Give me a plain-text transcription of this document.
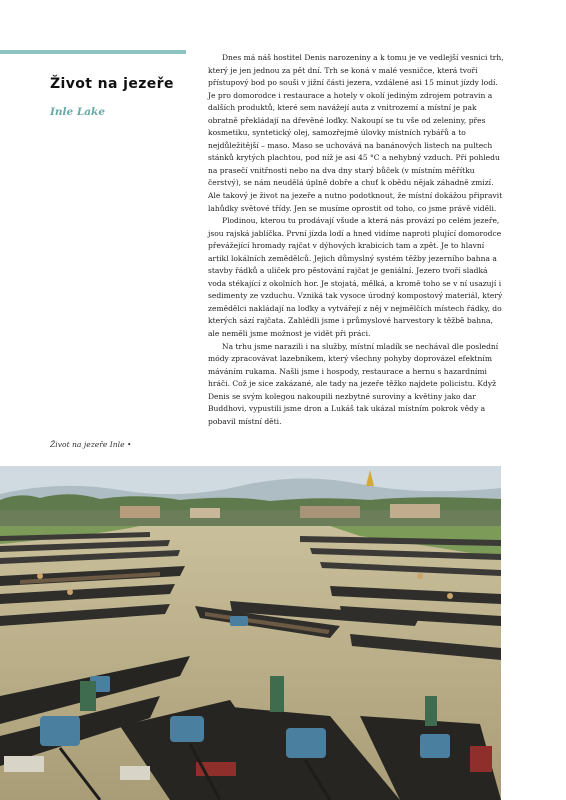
Život na jezeře
Inle Lake

Dnes má náš hostitel Denis narozeniny a k tomu je ve vedlejší vesnici trh, který je jen jednou za pět dní. Trh se koná v malé vesničce, která tvoří přístupový bod po souši v jižní části jezera, vzdálené asi 15 minut jízdy lodí. Je pro domorodce i restaurace a hotely v okolí jediným zdrojem potravin a dalších produktů, které sem navážejí auta z vnitrozemí a místní je pak obratně překládají na dřevěné loďky. Nakoupí se tu vše od zeleniny, přes kosmetiku, syntetický olej, samozřejmě úlovky místních rybářů a to nejdůležitější – maso. Maso se uchovává na banánových listech na pultech stánků krytých plachtou, pod níž je asi 45 °C a nehybný vzduch. Při pohledu na prasečí vnitřnosti nebo na dva dny starý bůček (v místním měřítku čerstvý), se nám neudělá úplně dobře a chuť k obědu nějak záhadně zmizí. Ale takový je život na jezeře a nutno podotknout, že místní dokážou připravit lahůdky světové třídy. Jen se musíme oprostit od toho, co jsme právě viděli.

Plodinou, kterou tu prodávají všude a která nás provází po celém jezeře, jsou rajská jablíčka. První jízda lodí a hned vidíme naproti plující domorodce převážející hromady rajčat v dýhových krabicích tam a zpět. Je to hlavní artikl lokálních zemědělců. Jejich důmyslný systém těžby jezerního bahna a stavby řádků a uliček pro pěstování rajčat je geniální. Jezero tvoří sladká voda stékající z okolních hor. Je stojatá, mělká, a kromě toho se v ní usazují i sedimenty ze vzduchu. Vzniká tak vysoce úrodný kompostový materiál, který zemědělci nakládají na loďky a vytvářejí z něj v nejmělčích místech řádky, do kterých sází rajčata. Zahlédli jsme i průmyslové harvestory k těžbě bahna, ale neměli jsme možnost je vidět při práci.

Na trhu jsme narazili i na služby, místní mladík se nechával dle poslední módy zpracovávat lazebníkem, který všechny pohyby doprovázel efektním máváním rukama. Našli jsme i hospody, restaurace a hernu s hazardními hráči. Což je sice zakázané, ale tady na jezeře těžko najdete policistu. Když Denis se svým kolegou nakoupili nezbytné suroviny a květiny jako dar Buddhovi, vypustili jsme dron a Lukáš tak ukázal místním pokrok vědy a pobavil místní děti.

Život na jezeře Inle •
